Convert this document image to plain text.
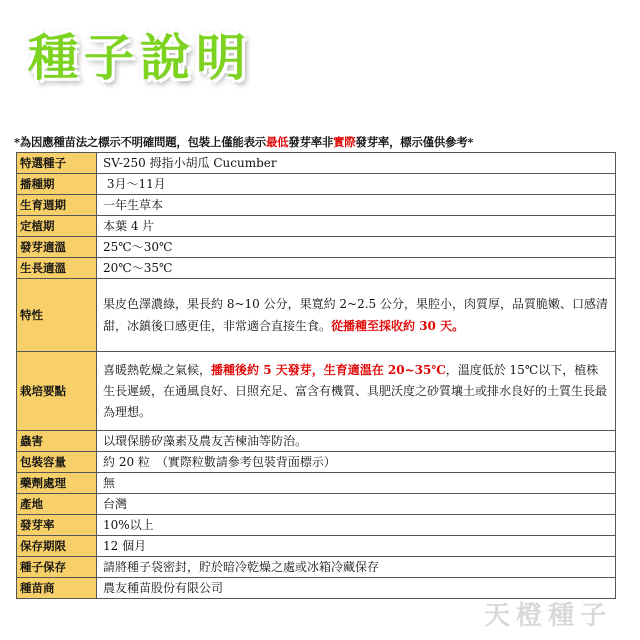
種子說明
*為因應種苗法之標示不明確問題，包裝上僅能表示最低發芽率非實際發芽率，標示僅供參考*
特選種子	SV-250 拇指小胡瓜 Cucumber
播種期	3月～11月
生育週期	一年生草本
定植期	本葉 4 片
發芽適溫	25℃～30℃
生長適溫	20℃～35℃
特性	果皮色澤濃綠，果長約 8~10 公分，果寬約 2~2.5 公分，果腔小，肉質厚，品質脆嫩、口感清甜，冰鎮後口感更佳，非常適合直接生食。從播種至採收約 30 天。
栽培要點	喜暖熱乾燥之氣候，播種後約 5 天發芽，生育適溫在 20~35℃，溫度低於 15℃以下，植株生長遲緩，在通風良好、日照充足、富含有機質、具肥沃度之砂質壤土或排水良好的土質生長最為理想。
蟲害	以環保勝矽藻素及農友苦楝油等防治。
包裝容量	約 20 粒　（實際粒數請參考包裝背面標示）
藥劑處理	無
產地	台灣
發芽率	10%以上
保存期限	12 個月
種子保存	請將種子袋密封，貯於暗冷乾燥之處或冰箱冷藏保存
種苗商	農友種苗股份有限公司
天橙種子
